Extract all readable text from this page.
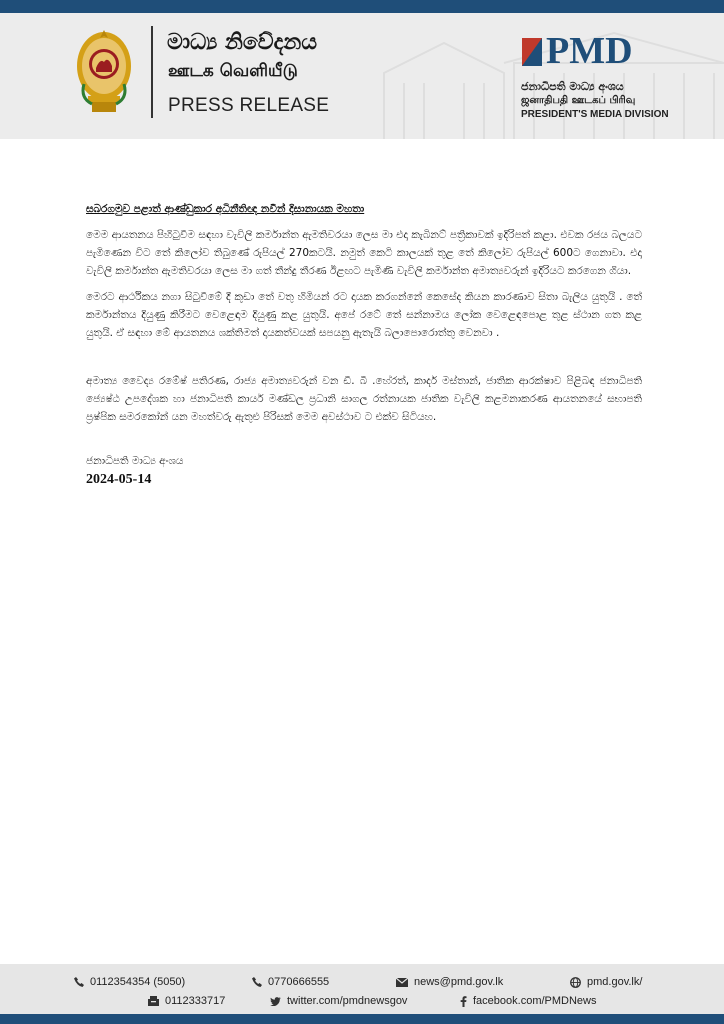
මාධ්‍ය නිවේදනය
ஊடக வெளியீடு
PRESS RELEASE
PMD
ජනාධිපති මාධ්‍ය අංශය
ஜனாதிபதி ஊடகப் பிரிவு
PRESIDENT'S MEDIA DIVISION
සබරගමුව පළාත් ආණ්ඩුකාර අධිනීතිඥ නවීන් දිසානායක මහතා

මෙම ආයතනය පිහිටුවීම සඳහා වැවිලි කර්මාන්ත ඇමතිවරයා ලෙස මා එදා කැබිනට් පත්‍රිකාවක් ඉදිරිපත් කළා. එවක රජය බලයට පැමිණෙන විට තේ කිලෝව තිබුණේ රුපියල් 270කටයි. නමුත් කෙටි කාලයක් තුළ තේ කිලෝව රුපියල් 600ට ගෙනාවා. එදා වැවිලි කර්මාන්ත ඇමතිවරයා ලෙස මා ගත් තීන්දු තීරණ ඊළඟට පැමිණි වැවිලි කර්මාන්ත අමාත්‍යවරුන් ඉදිරියට කරගෙන ගියා.

මෙරට ආර්ථිකය නගා සිටුවීමේ දී කුඩා තේ වතු හිමියන් රට දායක කරගන්නේ කෙසේද කියන කාරණාව සිතා බැලිය යුතුයි . තේ කර්මාන්තය දියුණු කිරීමට වෙළෙඳාම දියුණු කළ යුතුයි. අපේ රටේ තේ සන්නාමය ලෝක වෙළෙඳපොළ තුළ ස්ථාන ගත කළ යුතුයි. ඒ සඳහා මේ ආයතනය ශක්තිමත් දායකත්වයක් සපයනු ඇතැයි බලාපොරොත්තු වෙනවා .

අමාත්‍ය වෛද්‍ය රමේෂ් පතිරණ, රාජ්‍ය අමාත්‍යවරුන් වන ඩී. බී .හේරත්, කාදර් මස්තාන්, ජාතික ආරක්ෂාව පිළිබඳ ජනාධිපති ජ්‍යෙෂ්ඨ උපදේශක හා ජනාධිපති කාර්ය මණ්ඩල ප්‍රධානි සාගල රත්නායක ජාතික වැවිලි කළමනාකරණ ආයතනයේ සභාපති ප්‍රෂ්පික සමරකෝන් යන මහත්වරු ඇතුළු පිරිසක් මෙම අවස්ථාව ට එක්ව සිටියහ.

ජනාධිපති මාධ්‍ය අංශය
2024-05-14
0112354354 (5050)	0770666555	news@pmd.gov.lk	pmd.gov.lk/
0112333717	twitter.com/pmdnewsgov	facebook.com/PMDNews
